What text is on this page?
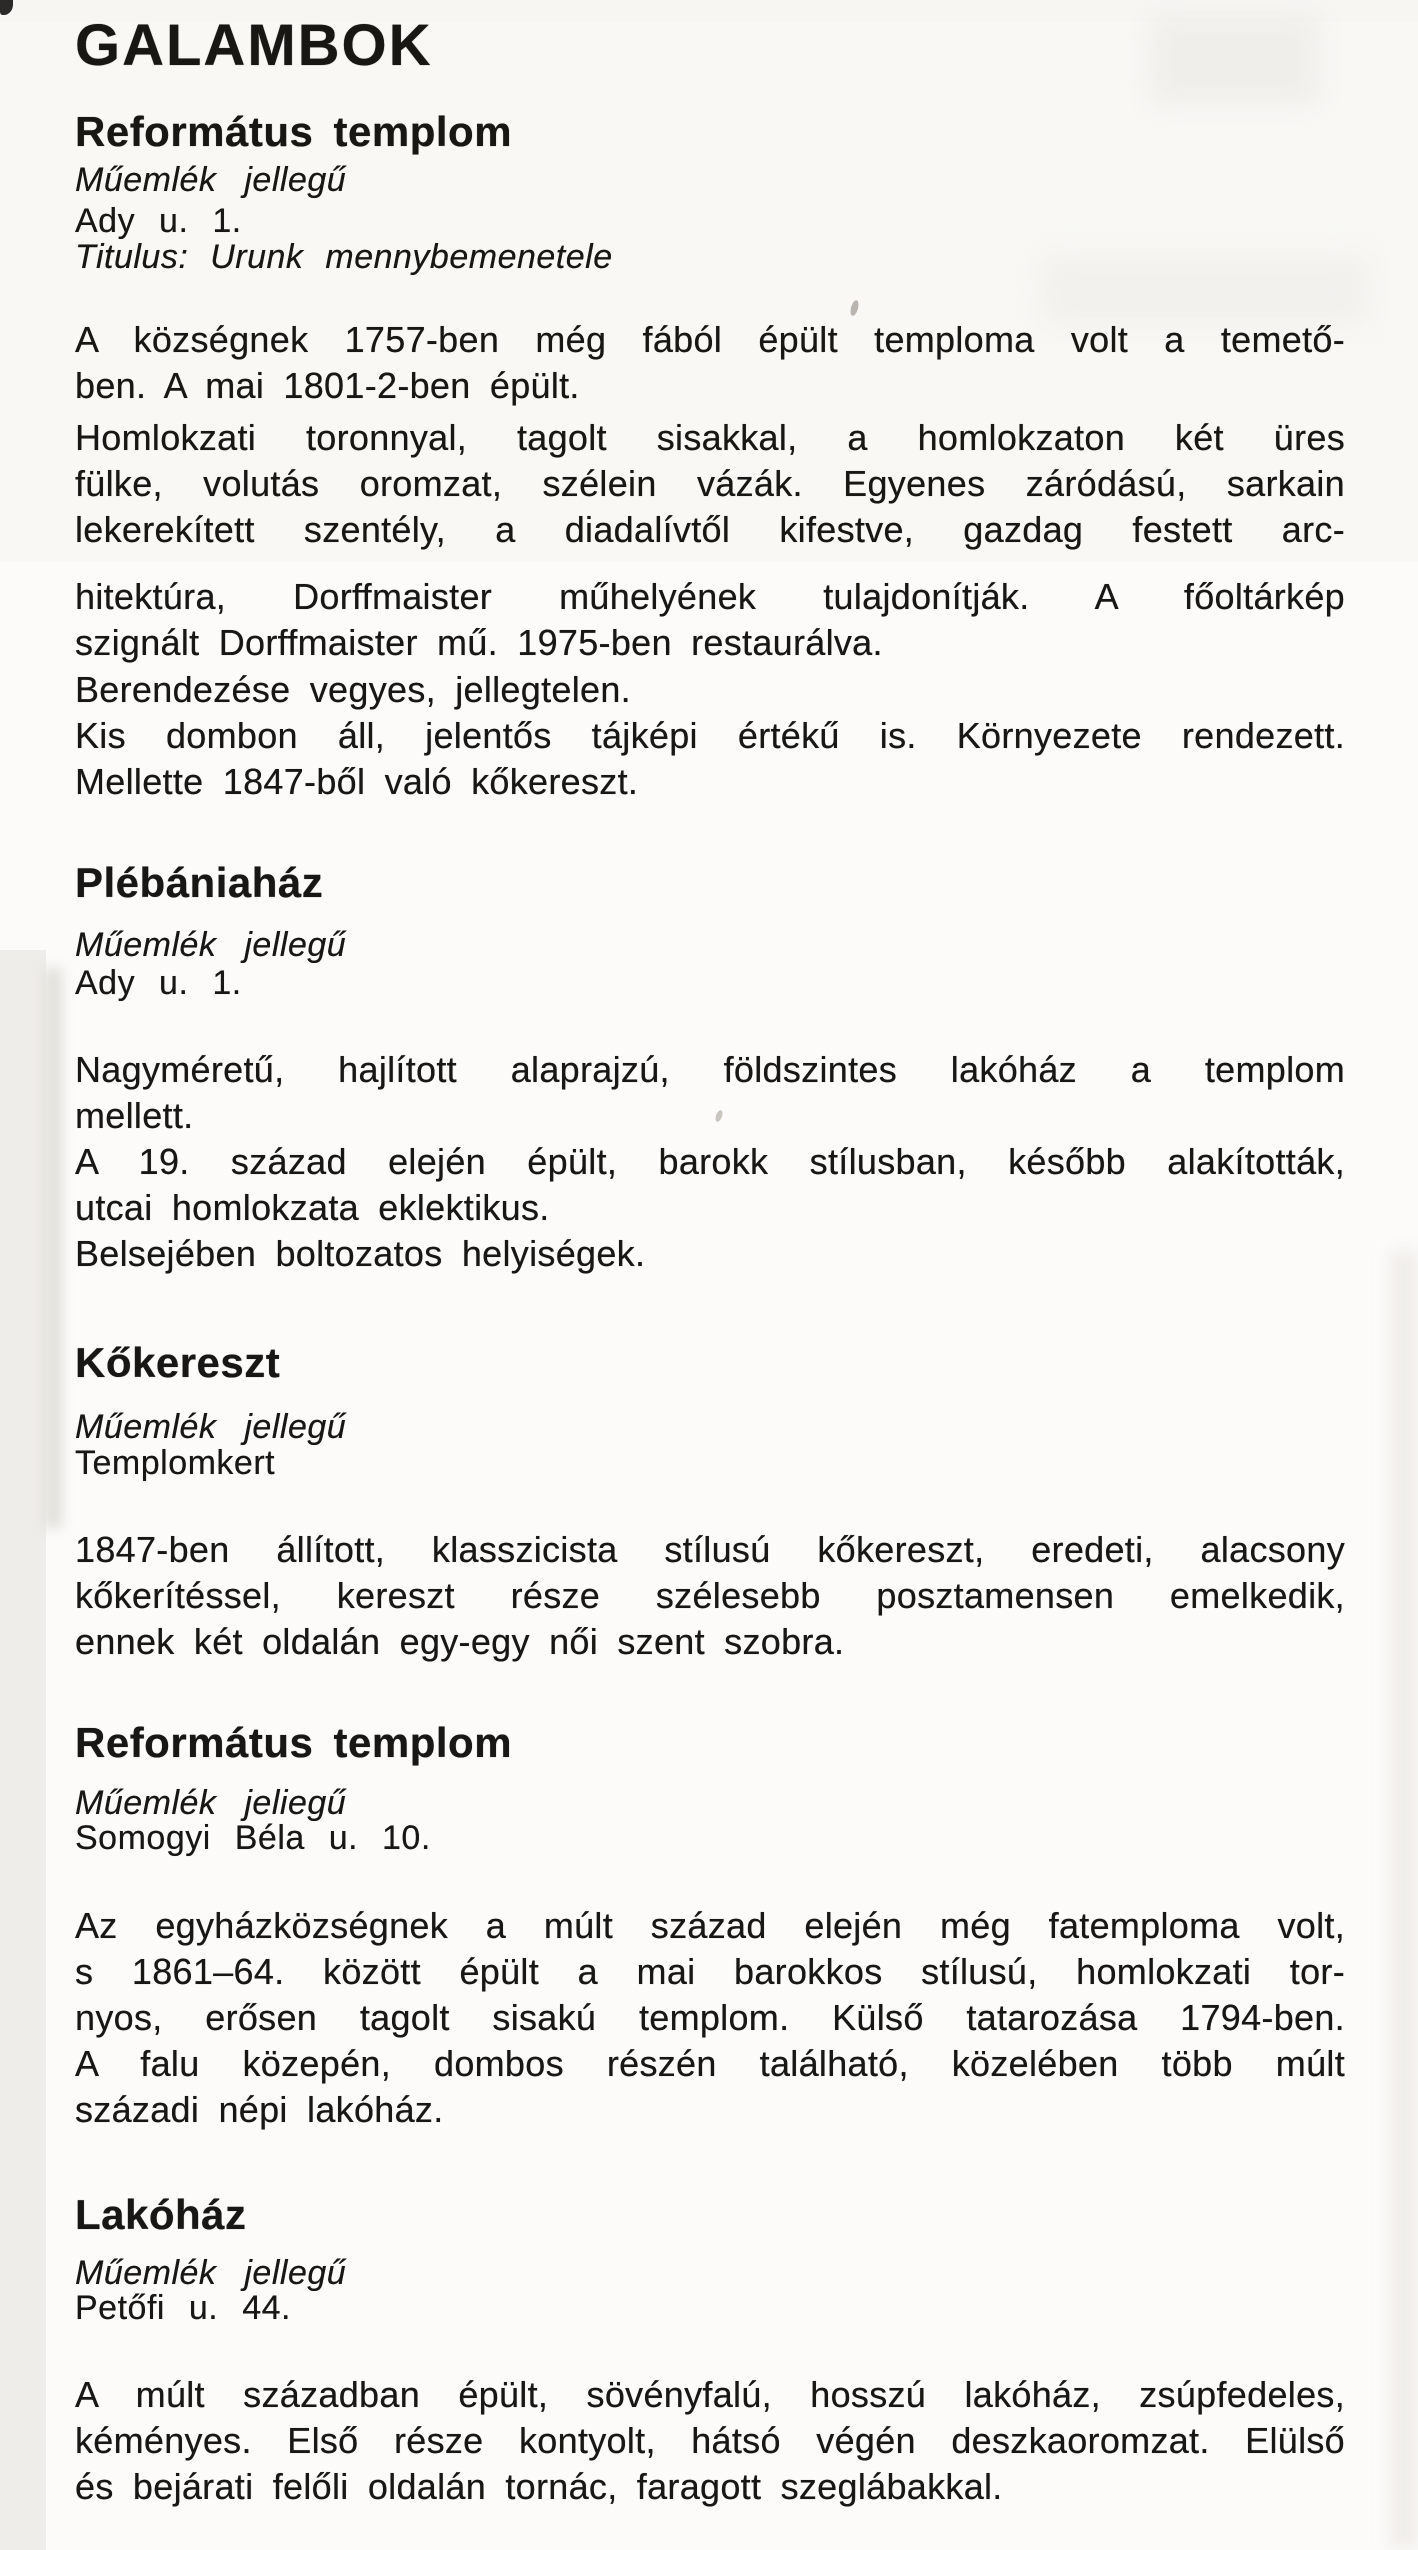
GALAMBOK
Református templom
Műemlék jellegű
Ady u. 1.
Titulus: Urunk mennybemenetele
A községnek 1757-ben még fából épült temploma volt a temető-
ben. A mai 1801-2-ben épült.
Homlokzati toronnyal, tagolt sisakkal, a homlokzaton két üres
fülke, volutás oromzat, szélein vázák. Egyenes záródású, sarkain
lekerekített szentély, a diadalívtől kifestve, gazdag festett arc-
hitektúra, Dorffmaister műhelyének tulajdonítják. A főoltárkép
szignált Dorffmaister mű. 1975-ben restaurálva.
Berendezése vegyes, jellegtelen.
Kis dombon áll, jelentős tájképi értékű is. Környezete rendezett.
Mellette 1847-ből való kőkereszt.
Plébániaház
Műemlék jellegű
Ady u. 1.
Nagyméretű, hajlított alaprajzú, földszintes lakóház a templom
mellett.
A 19. század elején épült, barokk stílusban, később alakították,
utcai homlokzata eklektikus.
Belsejében boltozatos helyiségek.
Kőkereszt
Műemlék jellegű
Templomkert
1847-ben állított, klasszicista stílusú kőkereszt, eredeti, alacsony
kőkerítéssel, kereszt része szélesebb posztamensen emelkedik,
ennek két oldalán egy-egy női szent szobra.
Református templom
Műemlék jeliegű
Somogyi Béla u. 10.
Az egyházközségnek a múlt század elején még fatemploma volt,
s 1861–64. között épült a mai barokkos stílusú, homlokzati tor-
nyos, erősen tagolt sisakú templom. Külső tatarozása 1794-ben.
A falu közepén, dombos részén található, közelében több múlt
századi népi lakóház.
Lakóház
Műemlék jellegű
Petőfi u. 44.
A múlt században épült, sövényfalú, hosszú lakóház, zsúpfedeles,
kéményes. Első része kontyolt, hátsó végén deszkaoromzat. Elülső
és bejárati felőli oldalán tornác, faragott szeglábakkal.
